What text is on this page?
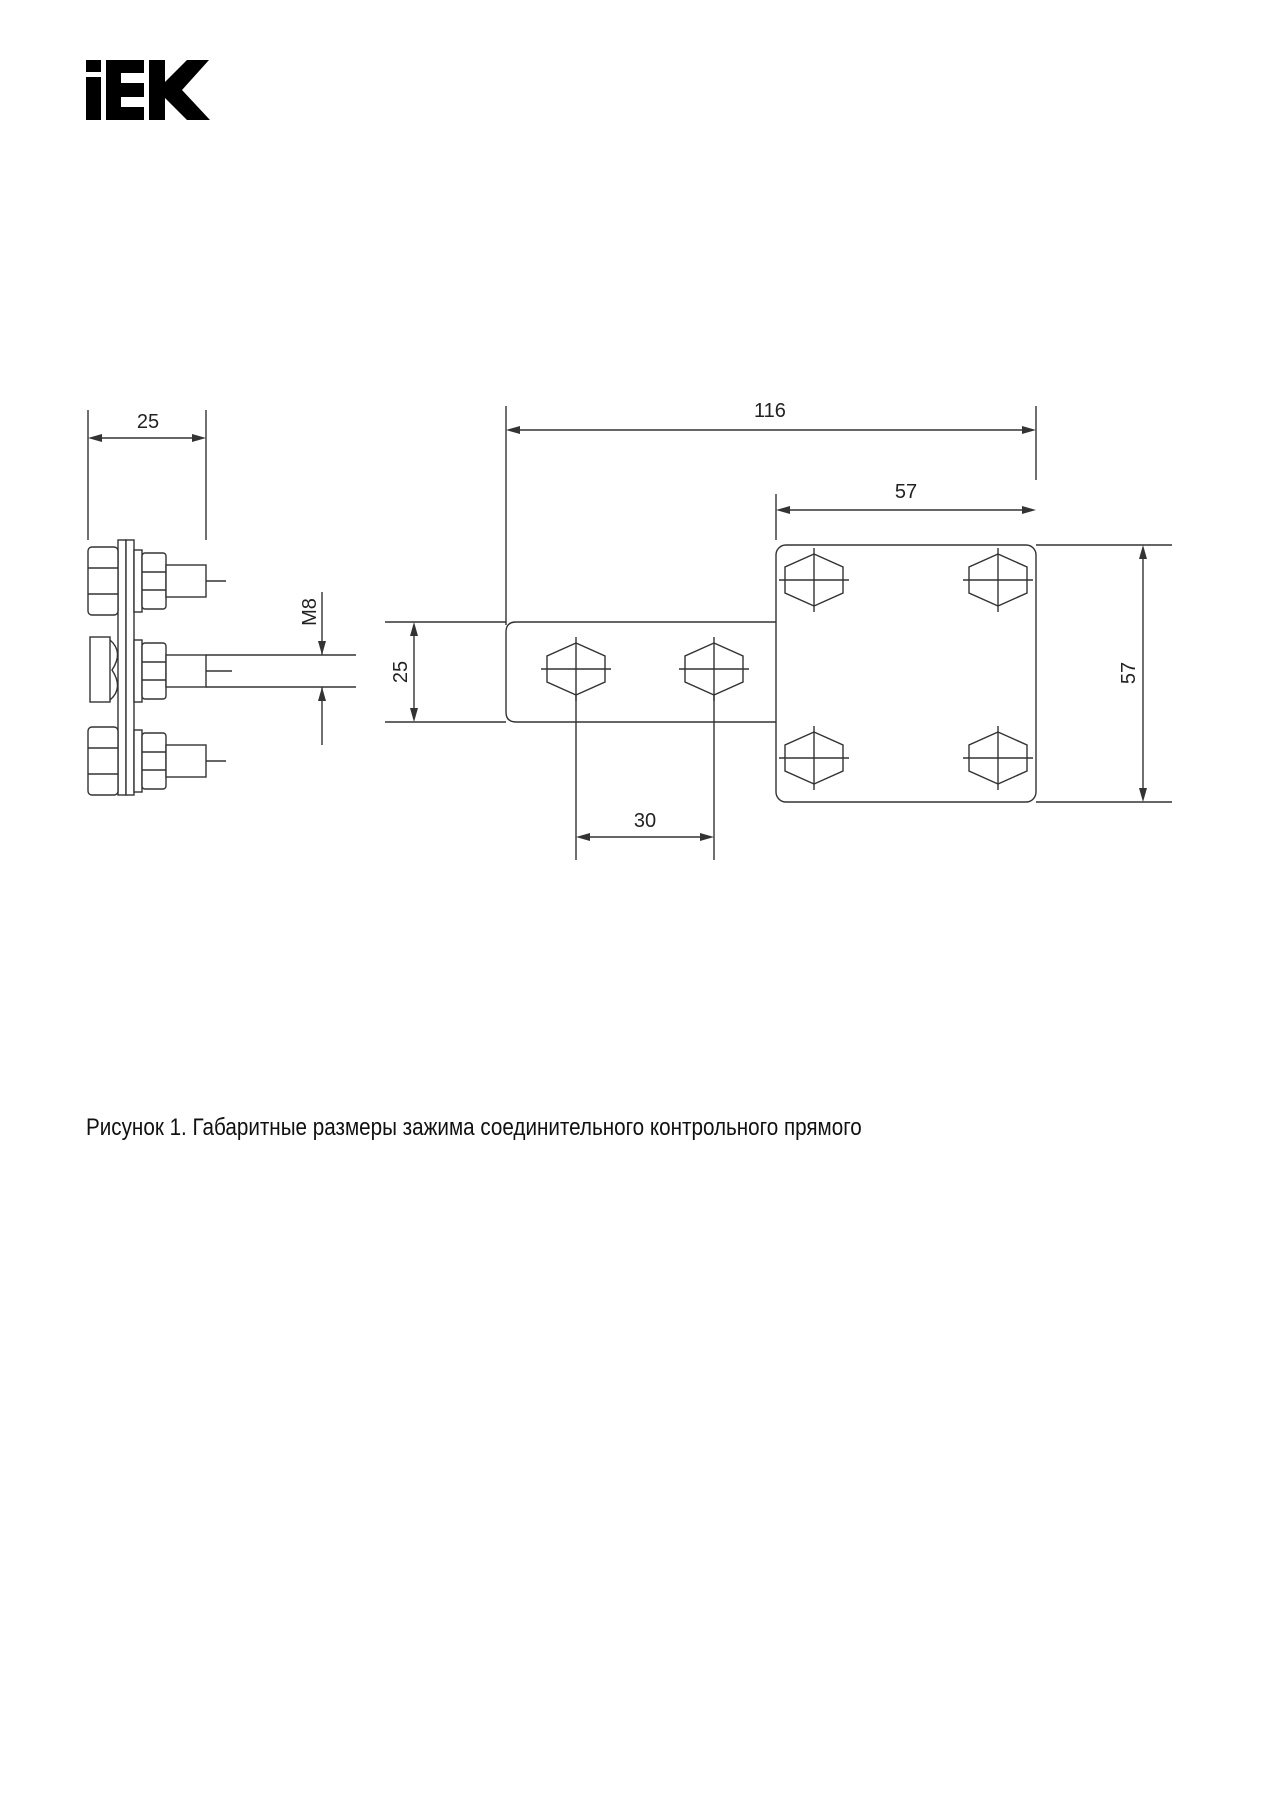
25
M8
116
57
25	57
30
Рисунок 1. Габаритные размеры зажима соединительного контрольного прямого
